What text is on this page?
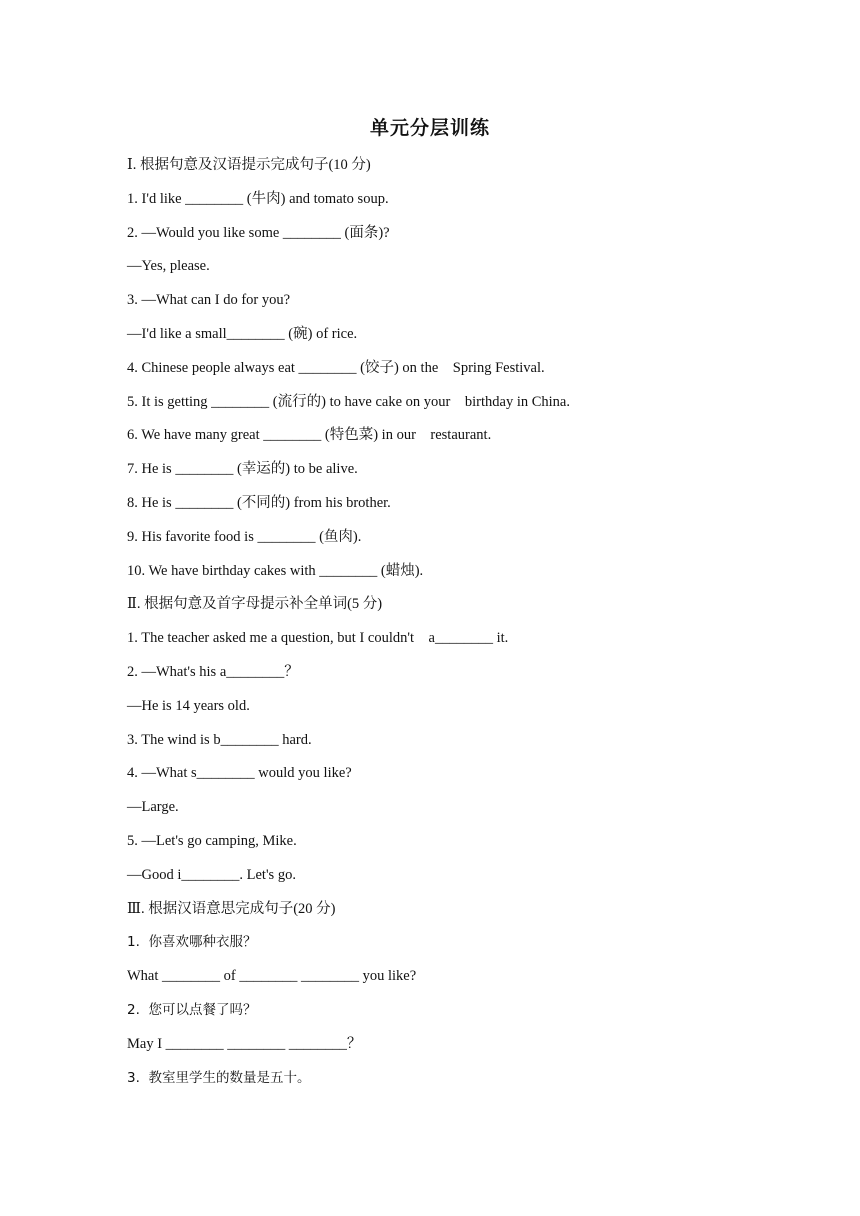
单元分层训练
Ⅰ. 根据句意及汉语提示完成句子(10 分)
1. I'd like ________ (牛肉) and tomato soup.
2. —Would you like some ________ (面条)?
—Yes, please.
3. —What can I do for you?
—I'd like a small________ (碗) of rice.
4. Chinese people always eat ________ (饺子) on the    Spring Festival.
5. It is getting ________ (流行的) to have cake on your    birthday in China.
6. We have many great ________ (特色菜) in our    restaurant.
7. He is ________ (幸运的) to be alive.
8. He is ________ (不同的) from his brother.
9. His favorite food is ________ (鱼肉).
10. We have birthday cakes with ________ (蜡烛).
Ⅱ. 根据句意及首字母提示补全单词(5 分)
1. The teacher asked me a question, but I couldn't    a________ it.
2. —What's his a________？
—He is 14 years old.
3. The wind is b________ hard.
4. —What s________ would you like?
—Large.
5. —Let's go camping, Mike.
—Good i________. Let's go.
Ⅲ. 根据汉语意思完成句子(20 分)
1.  你喜欢哪种衣服？
What ________ of ________ ________ you like?
2.  您可以点餐了吗？
May I ________ ________ ________？
3.  教室里学生的数量是五十。
